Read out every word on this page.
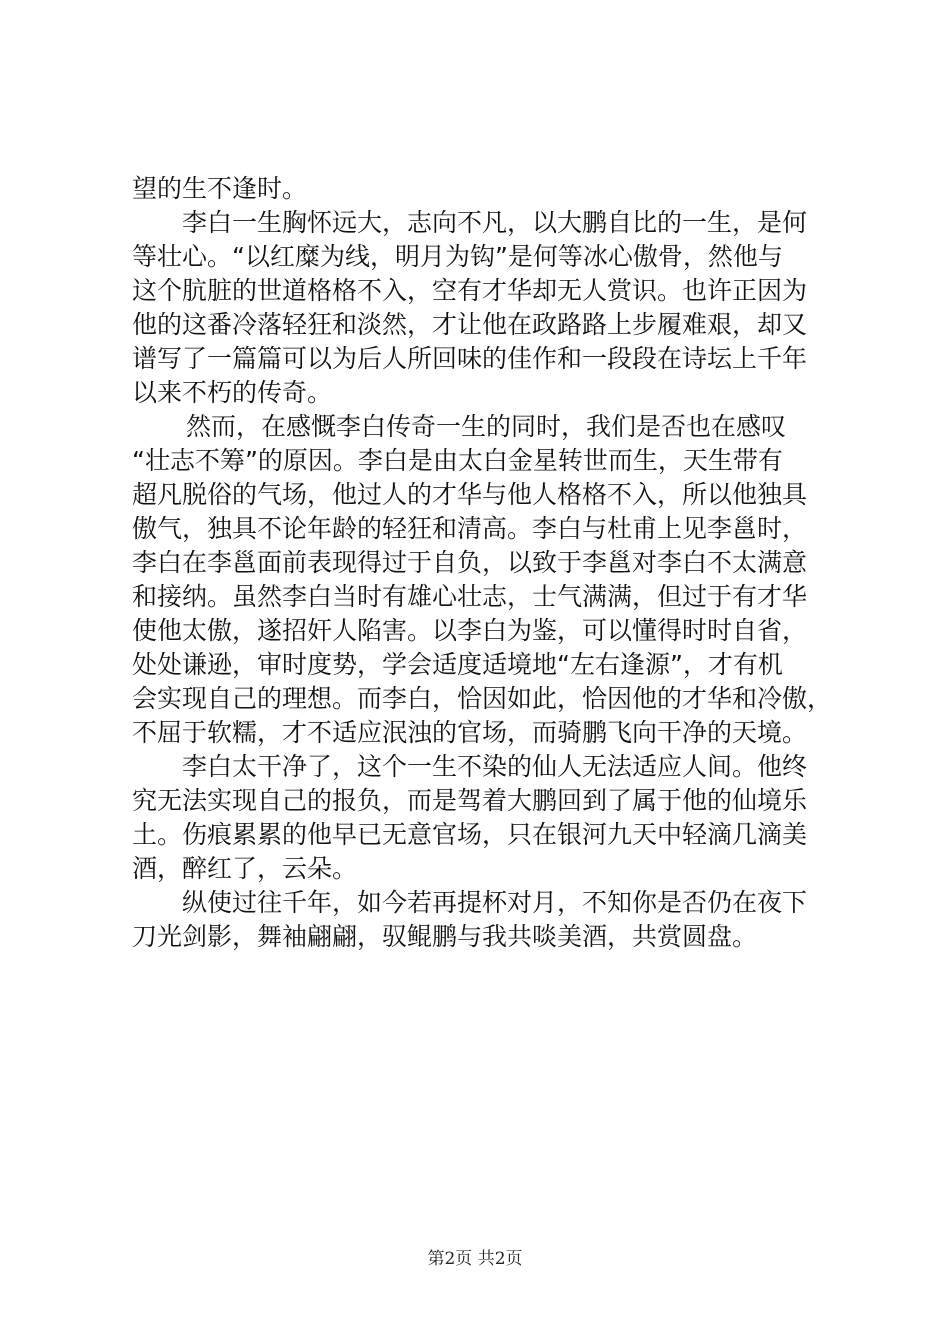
望的生不逢时。
李白一生胸怀远大，志向不凡，以大鹏自比的一生，是何
等壮心。“以红糜为线，明月为钩”是何等冰心傲骨，然他与
这个肮脏的世道格格不入，空有才华却无人赏识。也许正因为
他的这番冷落轻狂和淡然，才让他在政路路上步履难艰，却又
谱写了一篇篇可以为后人所回味的佳作和一段段在诗坛上千年
以来不朽的传奇。
然而，在感慨李白传奇一生的同时，我们是否也在感叹
“壮志不筹”的原因。李白是由太白金星转世而生，天生带有
超凡脱俗的气场，他过人的才华与他人格格不入，所以他独具
傲气，独具不论年龄的轻狂和清高。李白与杜甫上见李邕时，
李白在李邕面前表现得过于自负，以致于李邕对李白不太满意
和接纳。虽然李白当时有雄心壮志，士气满满，但过于有才华
使他太傲，遂招奸人陷害。以李白为鉴，可以懂得时时自省，
处处谦逊，审时度势，学会适度适境地“左右逢源”，才有机
会实现自己的理想。而李白，恰因如此，恰因他的才华和冷傲，
不屈于软糯，才不适应泯浊的官场，而骑鹏飞向干净的天境。
李白太干净了，这个一生不染的仙人无法适应人间。他终
究无法实现自己的报负，而是驾着大鹏回到了属于他的仙境乐
土。伤痕累累的他早已无意官场，只在银河九天中轻滴几滴美
酒，醉红了，云朵。
纵使过往千年，如今若再提杯对月，不知你是否仍在夜下
刀光剑影，舞袖翩翩，驭鲲鹏与我共啖美酒，共赏圆盘。
第2页 共2页
